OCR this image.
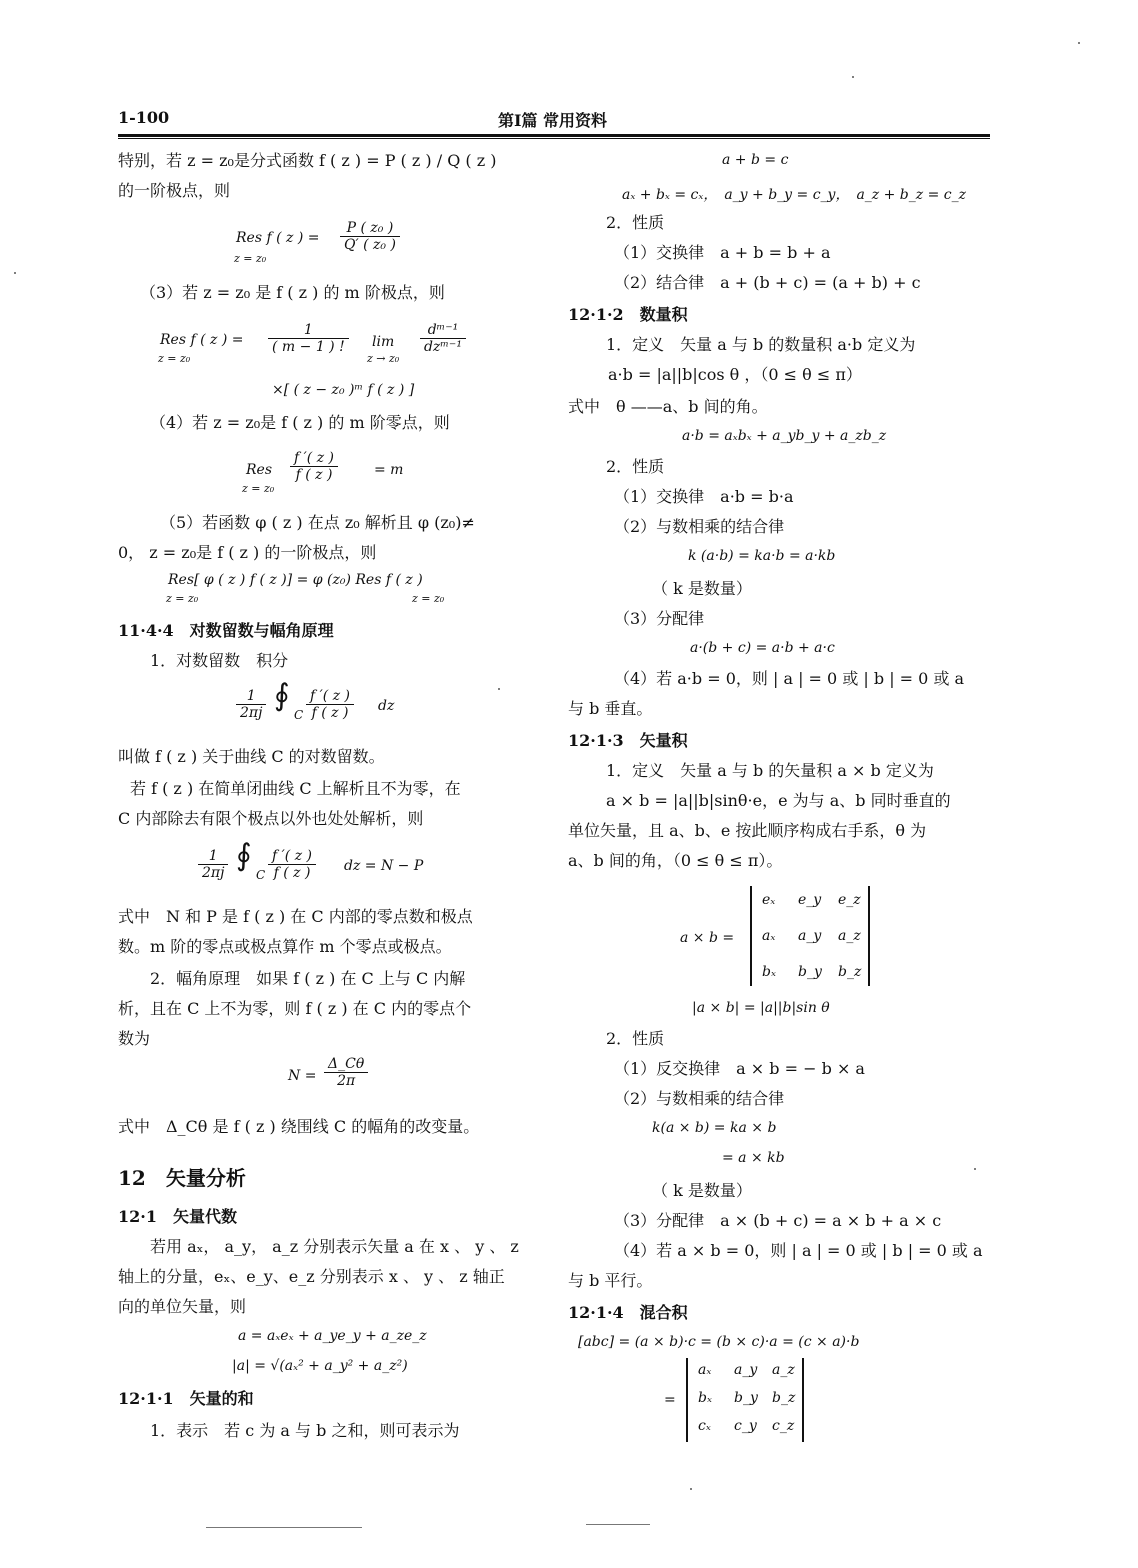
1-100	第Ⅰ篇 常用资料
特别，若 z = z₀是分式函数 f ( z ) = P ( z ) / Q ( z )
的一阶极点，则
Res f ( z ) =
z = z₀
$\frac{\text{P ( z₀ )}}{\text{Q′ ( z₀ )}}$
（3）若 z = z₀ 是 f ( z ) 的 m 阶极点，则
Res f ( z ) =
z = z₀
$\frac{1}{( m - 1 ) !}$ lim
z → z₀
$\frac{\text{dᵐ⁻¹}}{\text{dzᵐ⁻¹}}$
×[ ( z − z₀ )ᵐ f ( z ) ]
（4）若 z = z₀是 f ( z ) 的 m 阶零点，则
Res
z = z₀
$\frac{f '( z )}{f ( z )}$	= m
（5）若函数 φ ( z ) 在点 z₀ 解析且 φ (z₀)≠
0， z = z₀是 f ( z ) 的一阶极点，则
Res[ φ ( z ) f ( z )] = φ (z₀) Res f ( z )
z = z₀	z = z₀
11·4·4　对数留数与幅角原理
1．对数留数　积分
$\frac{1}{2\pi j}$ ∮
C $\frac{f '( z )}{f ( z )}$ dz
叫做 f ( z ) 关于曲线 C 的对数留数。
若 f ( z ) 在简单闭曲线 C 上解析且不为零，在
C 内部除去有限个极点以外也处处解析，则
$\frac{1}{2\pi j}$ ∮
C $\frac{f '( z )}{f ( z )}$ dz = N − P
式中　N 和 P 是 f ( z ) 在 C 内部的零点数和极点
数。m 阶的零点或极点算作 m 个零点或极点。
2．幅角原理　如果 f ( z ) 在 C 上与 C 内解
析，且在 C 上不为零，则 f ( z ) 在 C 内的零点个
数为
$N = \frac{\Delta\_C\theta}{2\pi}$
式中　Δ_Cθ 是 f ( z ) 绕围线 C 的幅角的改变量。
12　矢量分析
12·1　矢量代数
若用 aₓ， a_y， a_z 分别表示矢量 a 在 x 、 y 、 z
轴上的分量，eₓ、e_y、e_z 分别表示 x 、 y 、 z 轴正
向的单位矢量，则
a = aₓeₓ + a_ye_y + a_ze_z
|a| = √(aₓ² + a_y² + a_z²)
12·1·1　矢量的和
1．表示　若 c 为 a 与 b 之和，则可表示为
a + b = c
aₓ + bₓ = cₓ，　a_y + b_y = c_y，　a_z + b_z = c_z
2．性质
（1）交换律　a + b = b + a
（2）结合律　a + (b + c) = (a + b) + c
12·1·2　数量积
1．定义　矢量 a 与 b 的数量积 a·b 定义为
a·b = |a||b|cos θ ，（0 ≤ θ ≤ π）
式中　θ ——a、b 间的角。
a·b = aₓbₓ + a_yb_y + a_zb_z
2．性质
（1）交换律　a·b = b·a
（2）与数相乘的结合律
k (a·b) = ka·b = a·kb
（ k 是数量）
（3）分配律
a·(b + c) = a·b + a·c
（4）若 a·b = 0，则 | a | = 0 或 | b | = 0 或 a
与 b 垂直。
12·1·3　矢量积
1．定义　矢量 a 与 b 的矢量积 a × b 定义为
a × b = |a||b|sinθ·e，e 为与 a、b 同时垂直的
单位矢量，且 a、b、e 按此顺序构成右手系，θ 为
a、b 间的角，（0 ≤ θ ≤ π）。
a × b =
eₓ e_y e_z
aₓ a_y a_z
bₓ b_y b_z
|a × b| = |a||b|sin θ
2．性质
（1）反交换律　a × b = − b × a
（2）与数相乘的结合律
k(a × b) = ka × b
= a × kb
（ k 是数量）
（3）分配律　a × (b + c) = a × b + a × c
（4）若 a × b = 0，则 | a | = 0 或 | b | = 0 或 a
与 b 平行。
12·1·4　混合积
[abc] = (a × b)·c = (b × c)·a = (c × a)·b
=
aₓ a_y a_z
bₓ b_y b_z
cₓ c_y c_z
